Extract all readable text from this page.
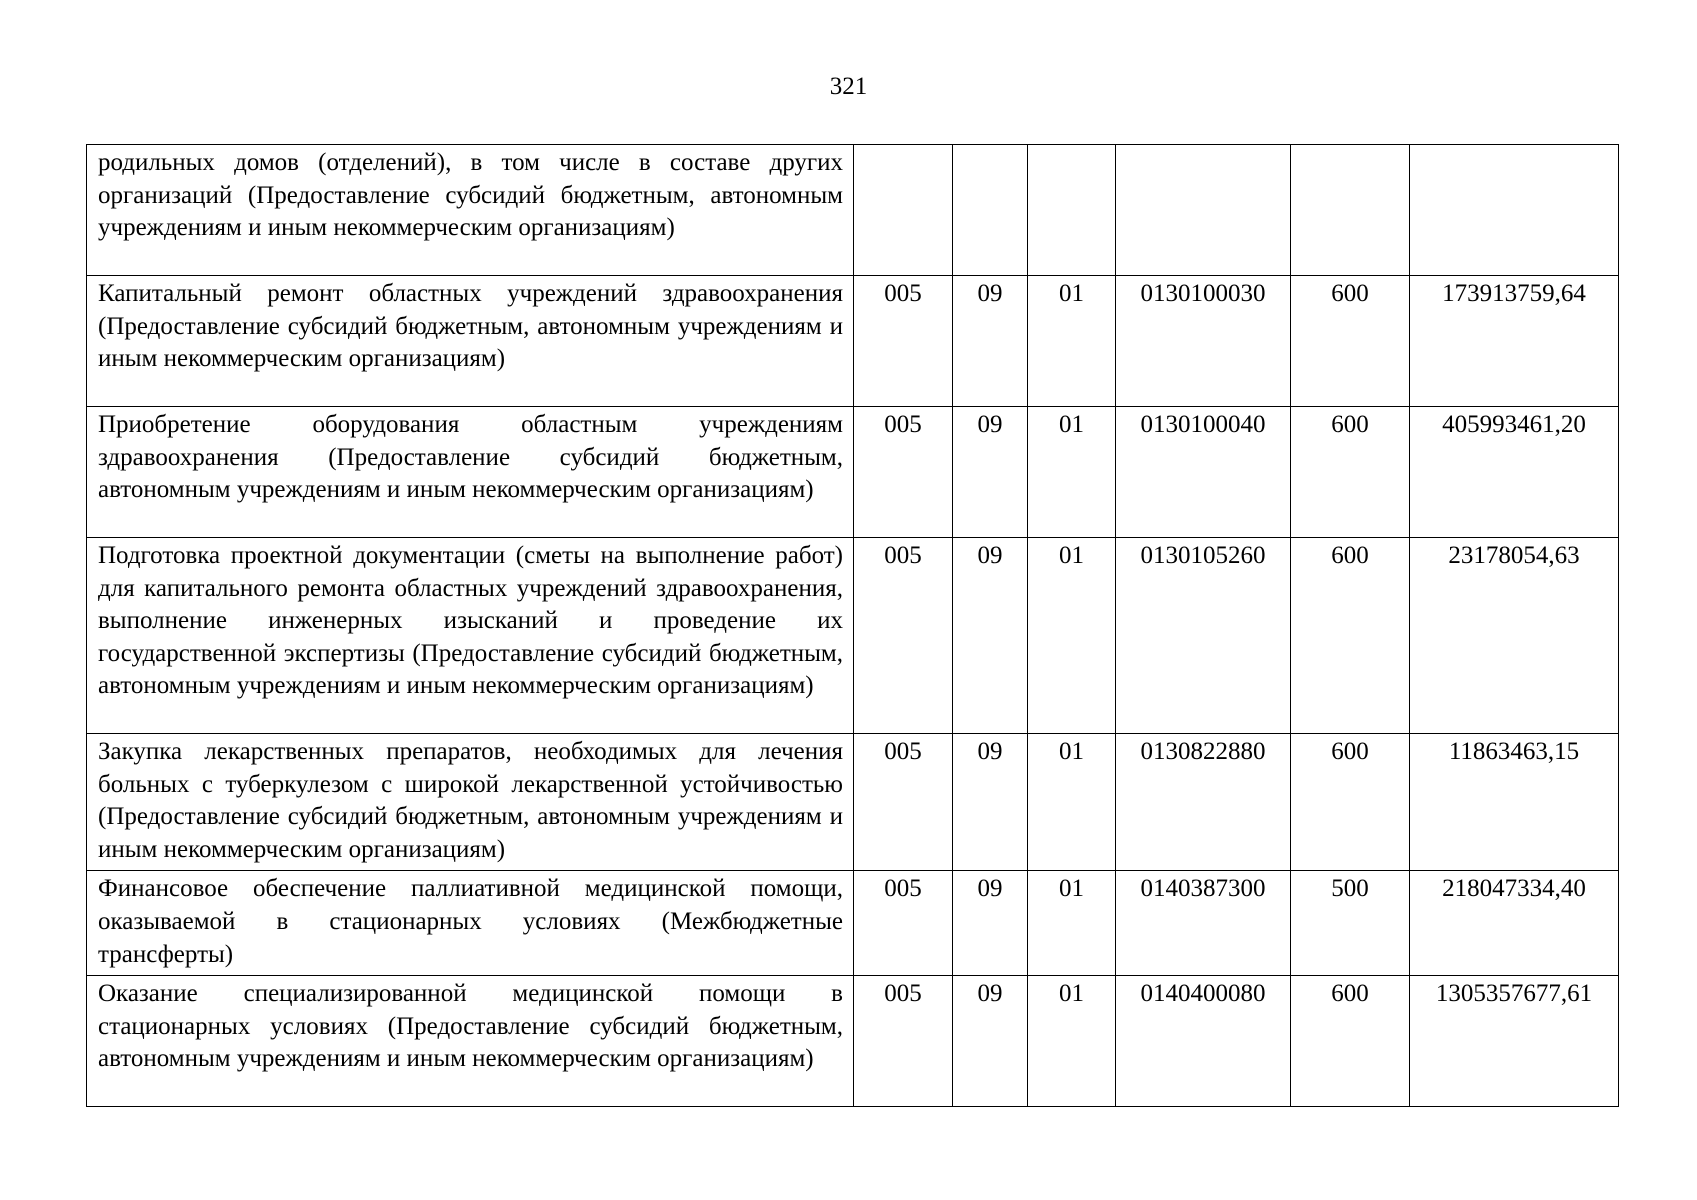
321
родильных домов (отделений), в том числе в составе других организаций (Предоставление субсидий бюджетным, автономным учреждениям и иным некоммерческим организациям)						
Капитальный ремонт областных учреждений здравоохранения (Предоставление субсидий бюджетным, автономным учреждениям и иным некоммерческим организациям)	005	09	01	0130100030	600	173913759,64
Приобретение оборудования областным учреждениям здравоохранения (Предоставление субсидий бюджетным, автономным учреждениям и иным некоммерческим организациям)	005	09	01	0130100040	600	405993461,20
Подготовка проектной документации (сметы на выполнение работ) для капитального ремонта областных учреждений здравоохранения, выполнение инженерных изысканий и проведение их государственной экспертизы (Предоставление субсидий бюджетным, автономным учреждениям и иным некоммерческим организациям)	005	09	01	0130105260	600	23178054,63
Закупка лекарственных препаратов, необходимых для лечения больных с туберкулезом с широкой лекарственной устойчивостью (Предоставление субсидий бюджетным, автономным учреждениям и иным некоммерческим организациям)	005	09	01	0130822880	600	11863463,15
Финансовое обеспечение паллиативной медицинской помощи, оказываемой в стационарных условиях (Межбюджетные трансферты)	005	09	01	0140387300	500	218047334,40
Оказание специализированной медицинской помощи в стационарных условиях (Предоставление субсидий бюджетным, автономным учреждениям и иным некоммерческим организациям)	005	09	01	0140400080	600	1305357677,61
